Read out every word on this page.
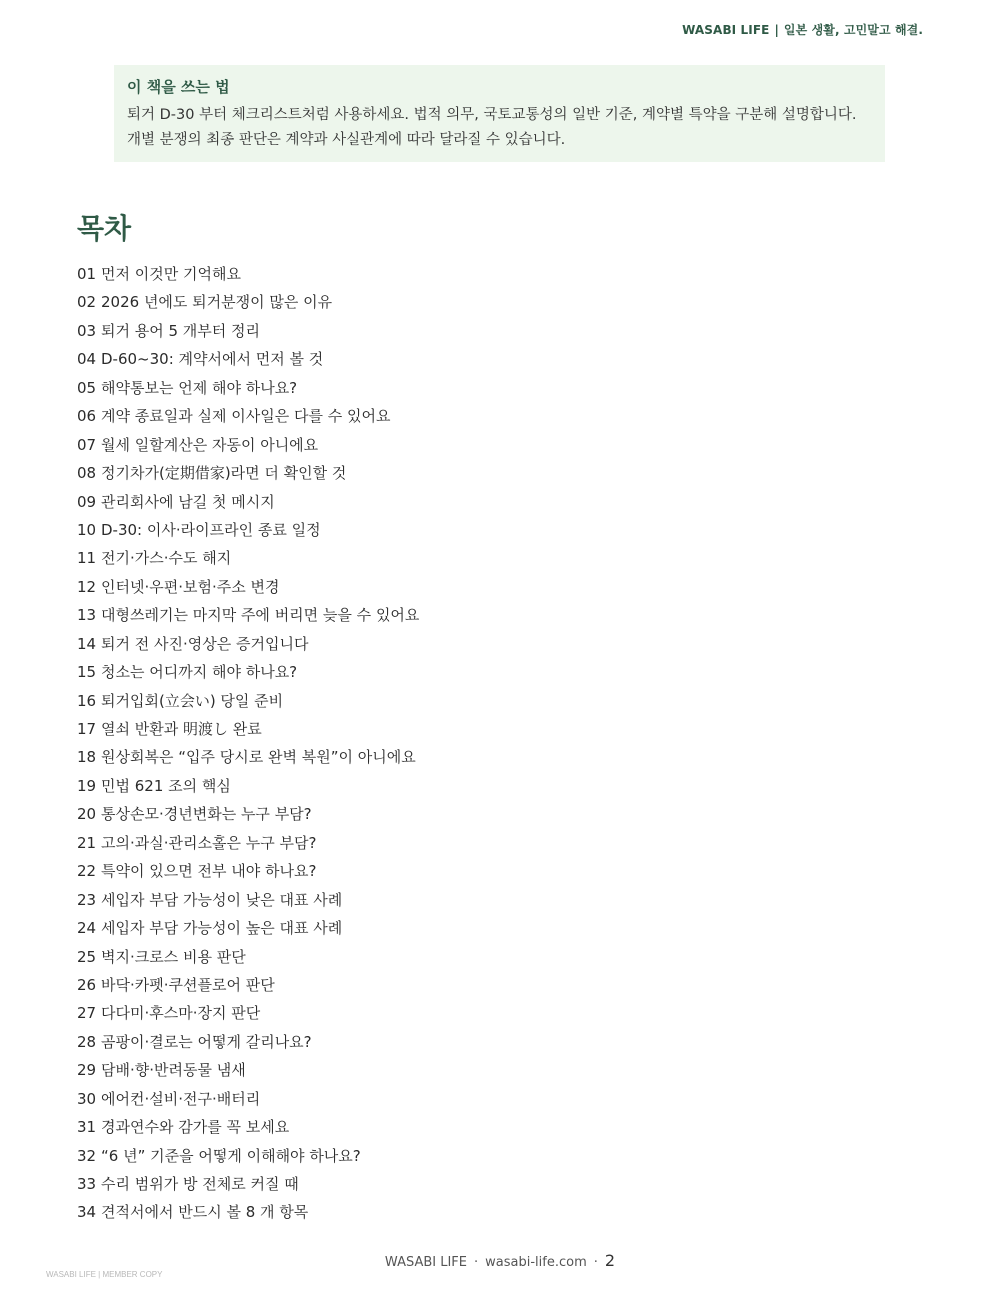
WASABI LIFE | 일본 생활, 고민말고 해결.

이 책을 쓰는 법

퇴거 D-30 부터 체크리스트처럼 사용하세요. 법적 의무, 국토교통성의 일반 기준, 계약별 특약을 구분해 설명합니다. 개별 분쟁의 최종 판단은 계약과 사실관계에 따라 달라질 수 있습니다.

목차
01 먼저 이것만 기억해요
02 2026 년에도 퇴거분쟁이 많은 이유
03 퇴거 용어 5 개부터 정리
04 D-60~30: 계약서에서 먼저 볼 것
05 해약통보는 언제 해야 하나요?
06 계약 종료일과 실제 이사일은 다를 수 있어요
07 월세 일할계산은 자동이 아니에요
08 정기차가(定期借家)라면 더 확인할 것
09 관리회사에 남길 첫 메시지
10 D-30: 이사·라이프라인 종료 일정
11 전기·가스·수도 해지
12 인터넷·우편·보험·주소 변경
13 대형쓰레기는 마지막 주에 버리면 늦을 수 있어요
14 퇴거 전 사진·영상은 증거입니다
15 청소는 어디까지 해야 하나요?
16 퇴거입회(立会い) 당일 준비
17 열쇠 반환과 明渡し 완료
18 원상회복은 “입주 당시로 완벽 복원”이 아니에요
19 민법 621 조의 핵심
20 통상손모·경년변화는 누구 부담?
21 고의·과실·관리소홀은 누구 부담?
22 특약이 있으면 전부 내야 하나요?
23 세입자 부담 가능성이 낮은 대표 사례
24 세입자 부담 가능성이 높은 대표 사례
25 벽지·크로스 비용 판단
26 바닥·카펫·쿠션플로어 판단
27 다다미·후스마·장지 판단
28 곰팡이·결로는 어떻게 갈리나요?
29 담배·향·반려동물 냄새
30 에어컨·설비·전구·배터리
31 경과연수와 감가를 꼭 보세요
32 “6 년” 기준을 어떻게 이해해야 하나요?
33 수리 범위가 방 전체로 커질 때
34 견적서에서 반드시 볼 8 개 항목
WASABI LIFE · wasabi-life.com · 2
WASABI LIFE | MEMBER COPY
